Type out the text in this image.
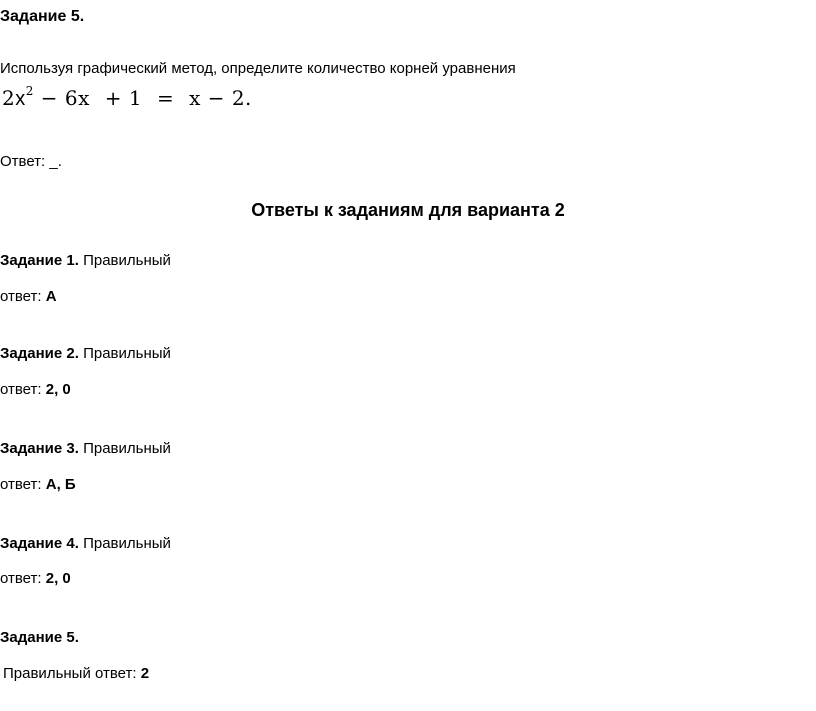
Задание 5.
Используя графический метод, определите количество корней уравнения
$2x^2 - 6x + 1 = x - 2$.
Ответ: _.
Ответы к заданиям для варианта 2
Задание 1. Правильный
ответ: А
Задание 2. Правильный
ответ: 2, 0
Задание 3. Правильный
ответ: А, Б
Задание 4. Правильный
ответ: 2, 0
Задание 5.
Правильный ответ: 2
